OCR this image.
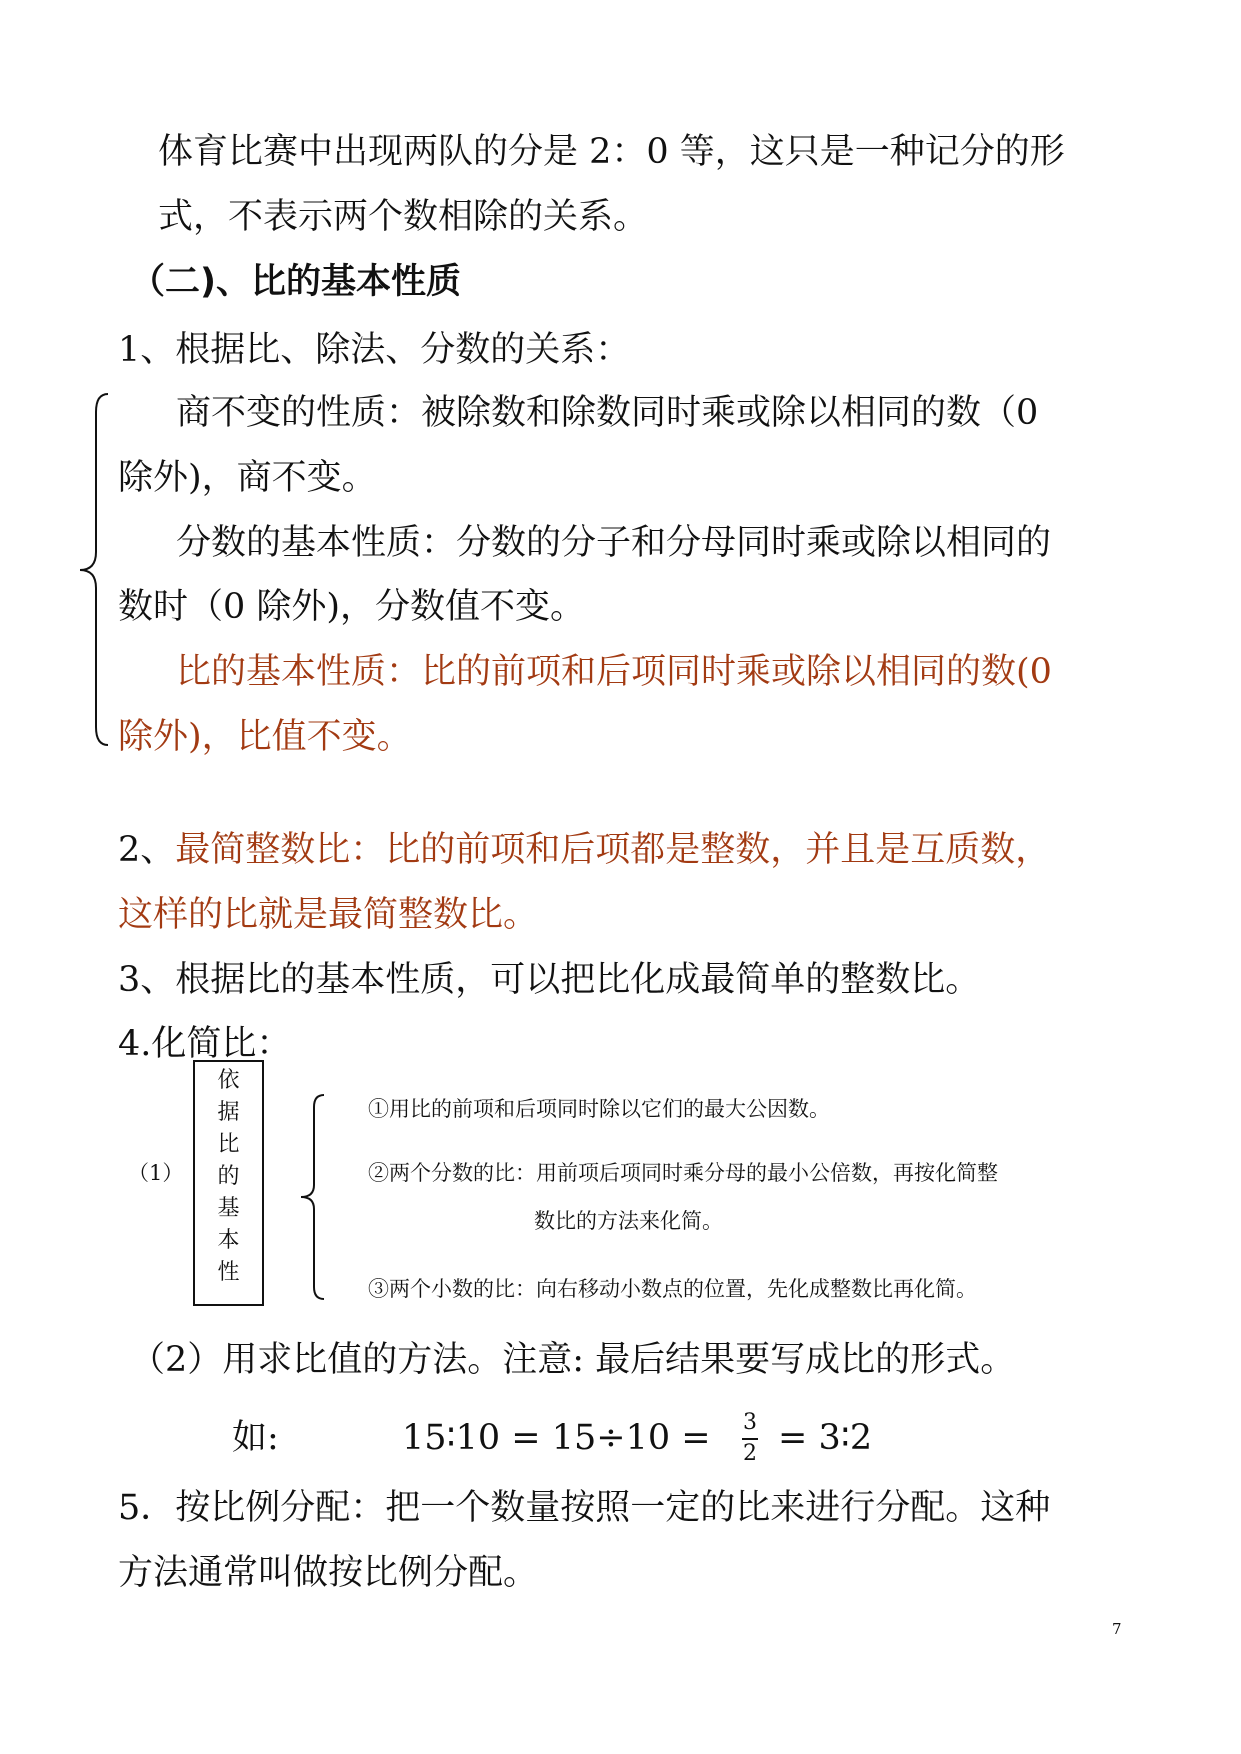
体育比赛中出现两队的分是 2：0 等，这只是一种记分的形
式，不表示两个数相除的关系。
（二)、比的基本性质
1、根据比、除法、分数的关系：
商不变的性质：被除数和除数同时乘或除以相同的数（0
除外)，商不变。
分数的基本性质：分数的分子和分母同时乘或除以相同的
数时（0 除外)，分数值不变。
比的基本性质：比的前项和后项同时乘或除以相同的数(0
除外)，比值不变。
2、最简整数比：比的前项和后项都是整数，并且是互质数，
这样的比就是最简整数比。
3、根据比的基本性质，可以把比化成最简单的整数比。
4.化简比：
（1）
依
据
比
的
基
本
性
①用比的前项和后项同时除以它们的最大公因数。
②两个分数的比：用前项后项同时乘分母的最小公倍数，再按化简整
数比的方法来化简。
③两个小数的比：向右移动小数点的位置，先化成整数比再化简。
（2）用求比值的方法。注意: 最后结果要写成比的形式。
如:	15∶10 = 15÷10 = 3
2 = 3∶2
5．按比例分配：把一个数量按照一定的比来进行分配。这种
方法通常叫做按比例分配。
7
